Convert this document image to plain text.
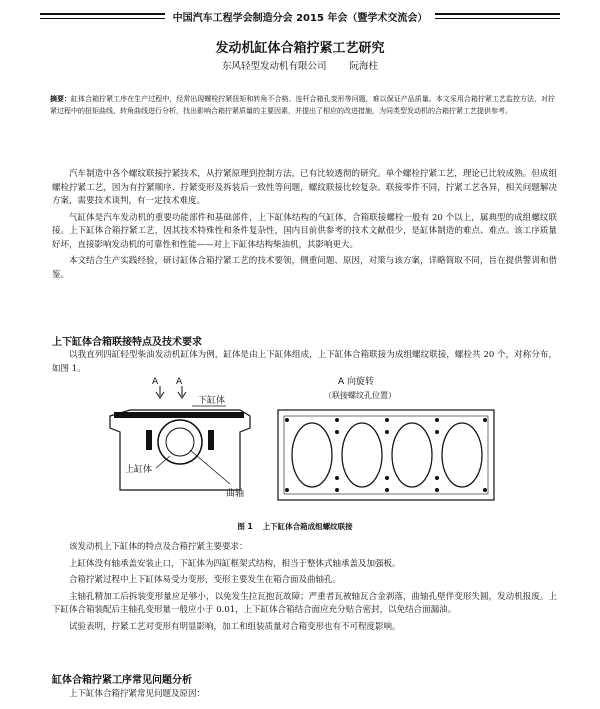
中国汽车工程学会制造分会 2015 年会（暨学术交流会）
发动机缸体合箱拧紧工艺研究
东风轻型发动机有限公司 阮海柱
摘要：缸体合箱拧紧工序在生产过程中，经常出现螺栓拧紧扭矩和转角不合格、连杆合箱孔变形等问题，难以保证产品质量。本文采用合箱拧紧工艺监控方法，对拧紧过程中的扭矩曲线、转角曲线进行分析，找出影响合箱拧紧质量的主要因素，并提出了相应的改进措施，为同类型发动机的合箱拧紧工艺提供参考。

汽车制造中各个螺纹联接拧紧技术，从拧紧原理到控制方法，已有比较透彻的研究。单个螺栓拧紧工艺，理论已比较成熟。但成组螺栓拧紧工艺，因为有拧紧顺序、拧紧变形及拆装后一致性等问题，螺纹联接比较复杂。联接零件不同，拧紧工艺各异，相关问题解决方案，需要技术谈判，有一定技术难度。

气缸体是汽车发动机的重要功能部件和基础部件，上下缸体结构的气缸体，合箱联接螺栓一般有 20 个以上，属典型的成组螺纹联接。上下缸体合箱拧紧工艺，因其技术特殊性和条件复杂性，国内目前供参考的技术文献很少，是缸体制造的难点、难点。该工序质量好坏，直接影响发动机的可靠性和性能——对上下缸体结构柴油机，其影响更大。

本文结合生产实践经验，研讨缸体合箱拧紧工艺的技术要领，侧重问题、原因，对策与该方案，详略简取不同，旨在提供警训和借鉴。

上下缸体合箱联接特点及技术要求

以我直列四缸轻型柴油发动机缸体为例，缸体是由上下缸体组成，上下缸体合箱联接为成组螺纹联接，螺栓共 20 个，对称分布，如图 1。

A A
下缸体
上缸体
曲轴
A 向旋转
（联接螺纹孔位置）
图 1 上下缸体合箱成组螺纹联接

该发动机上下缸体的特点及合箱拧紧主要要求：

上缸体没有轴承盖安装止口，下缸体为四缸框架式结构，相当于整体式轴承盖及加强板。

合箱拧紧过程中上下缸体易受力变形，变形主要发生在箱合面及曲轴孔。

主轴孔精加工后拆装变形量应足够小，以免发生拉瓦抱瓦故障；严重者瓦被轴瓦合金剥落，曲轴孔壁伴变形失圆，发动机报废。上下缸体合箱装配后主轴孔变形量一般应小于 0.01，上下缸体合箱结合面应充分贴合密封，以免结合面漏油。

试验表明，拧紧工艺对变形有明显影响，加工和组装质量对合箱变形也有不可程度影响。

缸体合箱拧紧工序常见问题分析

上下缸体合箱拧紧常见问题及原因：
